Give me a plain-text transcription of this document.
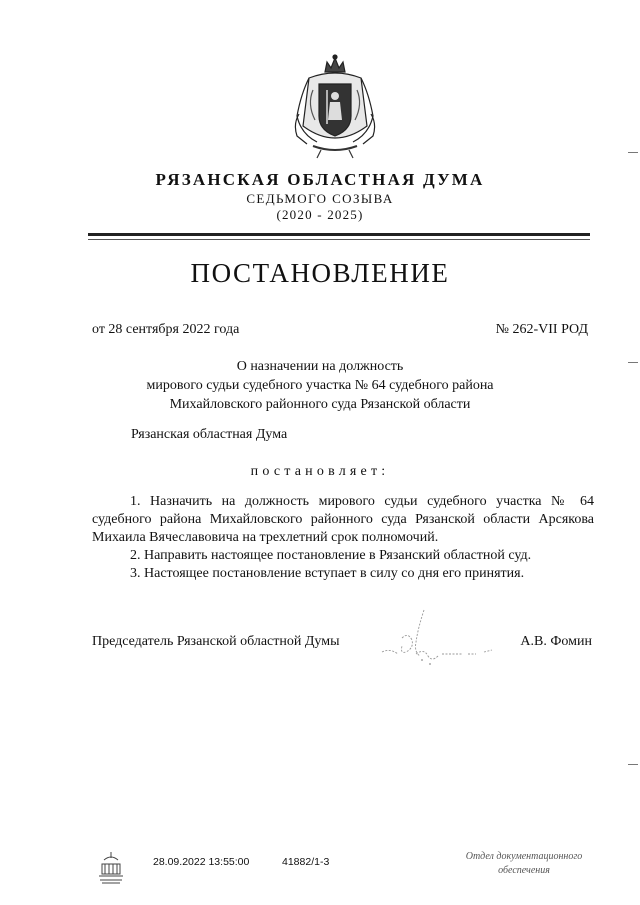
РЯЗАНСКАЯ ОБЛАСТНАЯ ДУМА
СЕДЬМОГО СОЗЫВА
(2020 - 2025)
ПОСТАНОВЛЕНИЕ
от 28 сентября 2022 года	№ 262-VII РОД
О назначении на должность
мирового судьи судебного участка № 64 судебного района
Михайловского районного суда Рязанской области
Рязанская областная Дума
постановляет:

1. Назначить на должность мирового судьи судебного участка № 64 судебного района Михайловского районного суда Рязанской области Арсякова Михаила Вячеславовича на трехлетний срок полномочий.

2. Направить настоящее постановление в Рязанский областной суд.

3. Настоящее постановление вступает в силу со дня его принятия.

Председатель Рязанской областной Думы	А.В. Фомин
28.09.2022 13:55:00	41882/1-3	Отдел документационного
обеспечения
